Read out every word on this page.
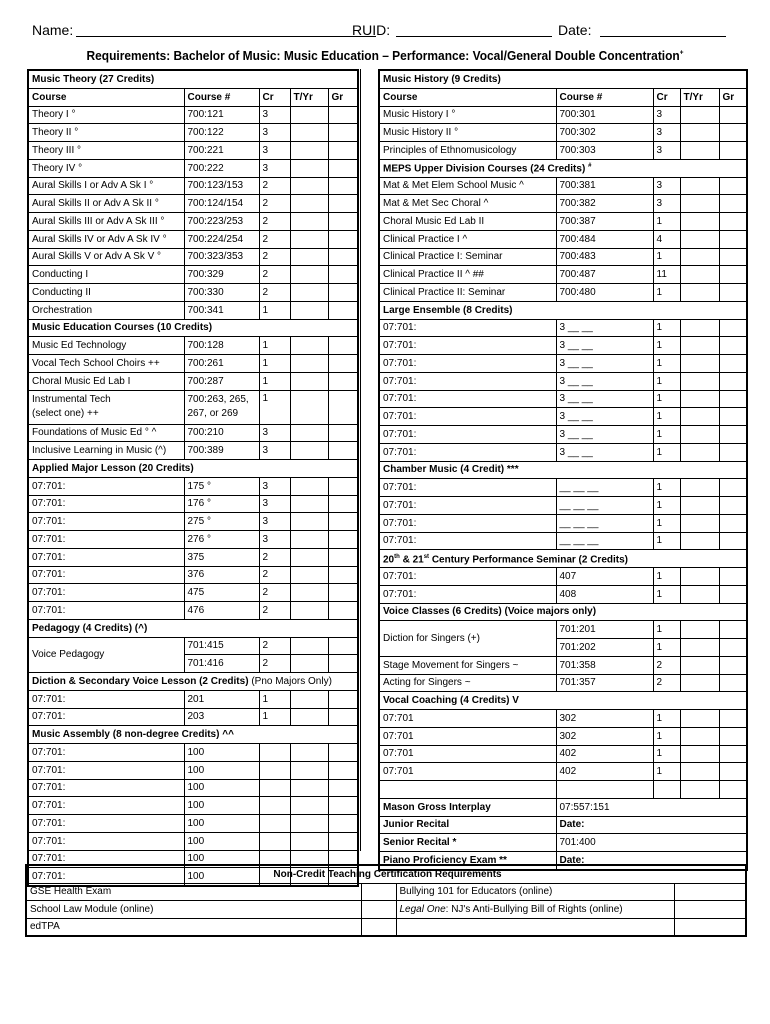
Name:	RUID:	Date:
Requirements: Bachelor of Music: Music Education – Performance: Vocal/General Double Concentration+
Music Theory (27 Credits)				
Course	Course #	Cr	T/Yr	Gr
Theory I °	700:121	3		
Theory II °	700:122	3		
Theory III °	700:221	3		
Theory IV °	700:222	3		
Aural Skills I or Adv A Sk I °	700:123/153	2		
Aural Skills II or Adv A Sk II °	700:124/154	2		
Aural Skills III or Adv A Sk III °	700:223/253	2		
Aural Skills IV or Adv A Sk IV °	700:224/254	2		
Aural Skills V or Adv A Sk V °	700:323/353	2		
Conducting I	700:329	2		
Conducting II	700:330	2		
Orchestration	700:341	1		
Music Education Courses (10 Credits)				
Music Ed Technology	700:128	1		
Vocal Tech School Choirs ++	700:261	1		
Choral Music Ed Lab I	700:287	1		
Instrumental Tech
(select one) ++	700:263, 265,
267, or 269	1		
Foundations of Music Ed ° ^	700:210	3		
Inclusive Learning in Music (^)	700:389	3		
Applied Major Lesson (20 Credits)				
07:701:	175 °	3		
07:701:	176 °	3		
07:701:	275 °	3		
07:701:	276 °	3		
07:701:	375	2		
07:701:	376	2		
07:701:	475	2		
07:701:	476	2		
Pedagogy (4 Credits) (^)				
Voice Pedagogy	701:415	2		
	701:416	2		
Diction & Secondary Voice Lesson (2 Credits) (Pno Majors Only)				
07:701:	201	1		
07:701:	203	1		
Music Assembly (8 non-degree Credits) ^^				
07:701:	100			
07:701:	100			
07:701:	100			
07:701:	100			
07:701:	100			
07:701:	100			
07:701:	100			
07:701:	100			
Music History (9 Credits)				
Course	Course #	Cr	T/Yr	Gr
Music History I °	700:301	3		
Music History II °	700:302	3		
Principles of Ethnomusicology	700:303	3		
MEPS Upper Division Courses (24 Credits) #
Mat & Met Elem School Music ^	700:381	3		
Mat & Met Sec Choral ^	700:382	3		
Choral Music Ed Lab II	700:387	1		
Clinical Practice I ^	700:484	4		
Clinical Practice I: Seminar	700:483	1		
Clinical Practice II ^ ##	700:487	11		
Clinical Practice II: Seminar	700:480	1		
Large Ensemble (8 Credits)				
07:701:	3 __ __	1		
07:701:	3 __ __	1		
07:701:	3 __ __	1		
07:701:	3 __ __	1		
07:701:	3 __ __	1		
07:701:	3 __ __	1		
07:701:	3 __ __	1		
07:701:	3 __ __	1		
Chamber Music (4 Credit) ***				
07:701:	__ __ __	1		
07:701:	__ __ __	1		
07:701:	__ __ __	1		
07:701:	__ __ __	1		
20th & 21st Century Performance Seminar (2 Credits)				
07:701:	407	1		
07:701:	408	1		
Voice Classes (6 Credits) (Voice majors only)				
Diction for Singers (+)	701:201	1		
	701:202	1		
Stage Movement for Singers ~	701:358	2		
Acting for Singers ~	701:357	2		
Vocal Coaching (4 Credits) V				
07:701	302	1		
07:701	302	1		
07:701	402	1		
07:701	402	1		

Mason Gross Interplay	07:557:151			
Junior Recital	Date:			
Senior Recital *	701:400			
Piano Proficiency Exam **	Date:			
Non-Credit Teaching Certification Requirements			
GSE Health Exam		Bullying 101 for Educators (online)	
School Law Module (online)		Legal One: NJ's Anti-Bullying Bill of Rights (online)	
edTPA			
